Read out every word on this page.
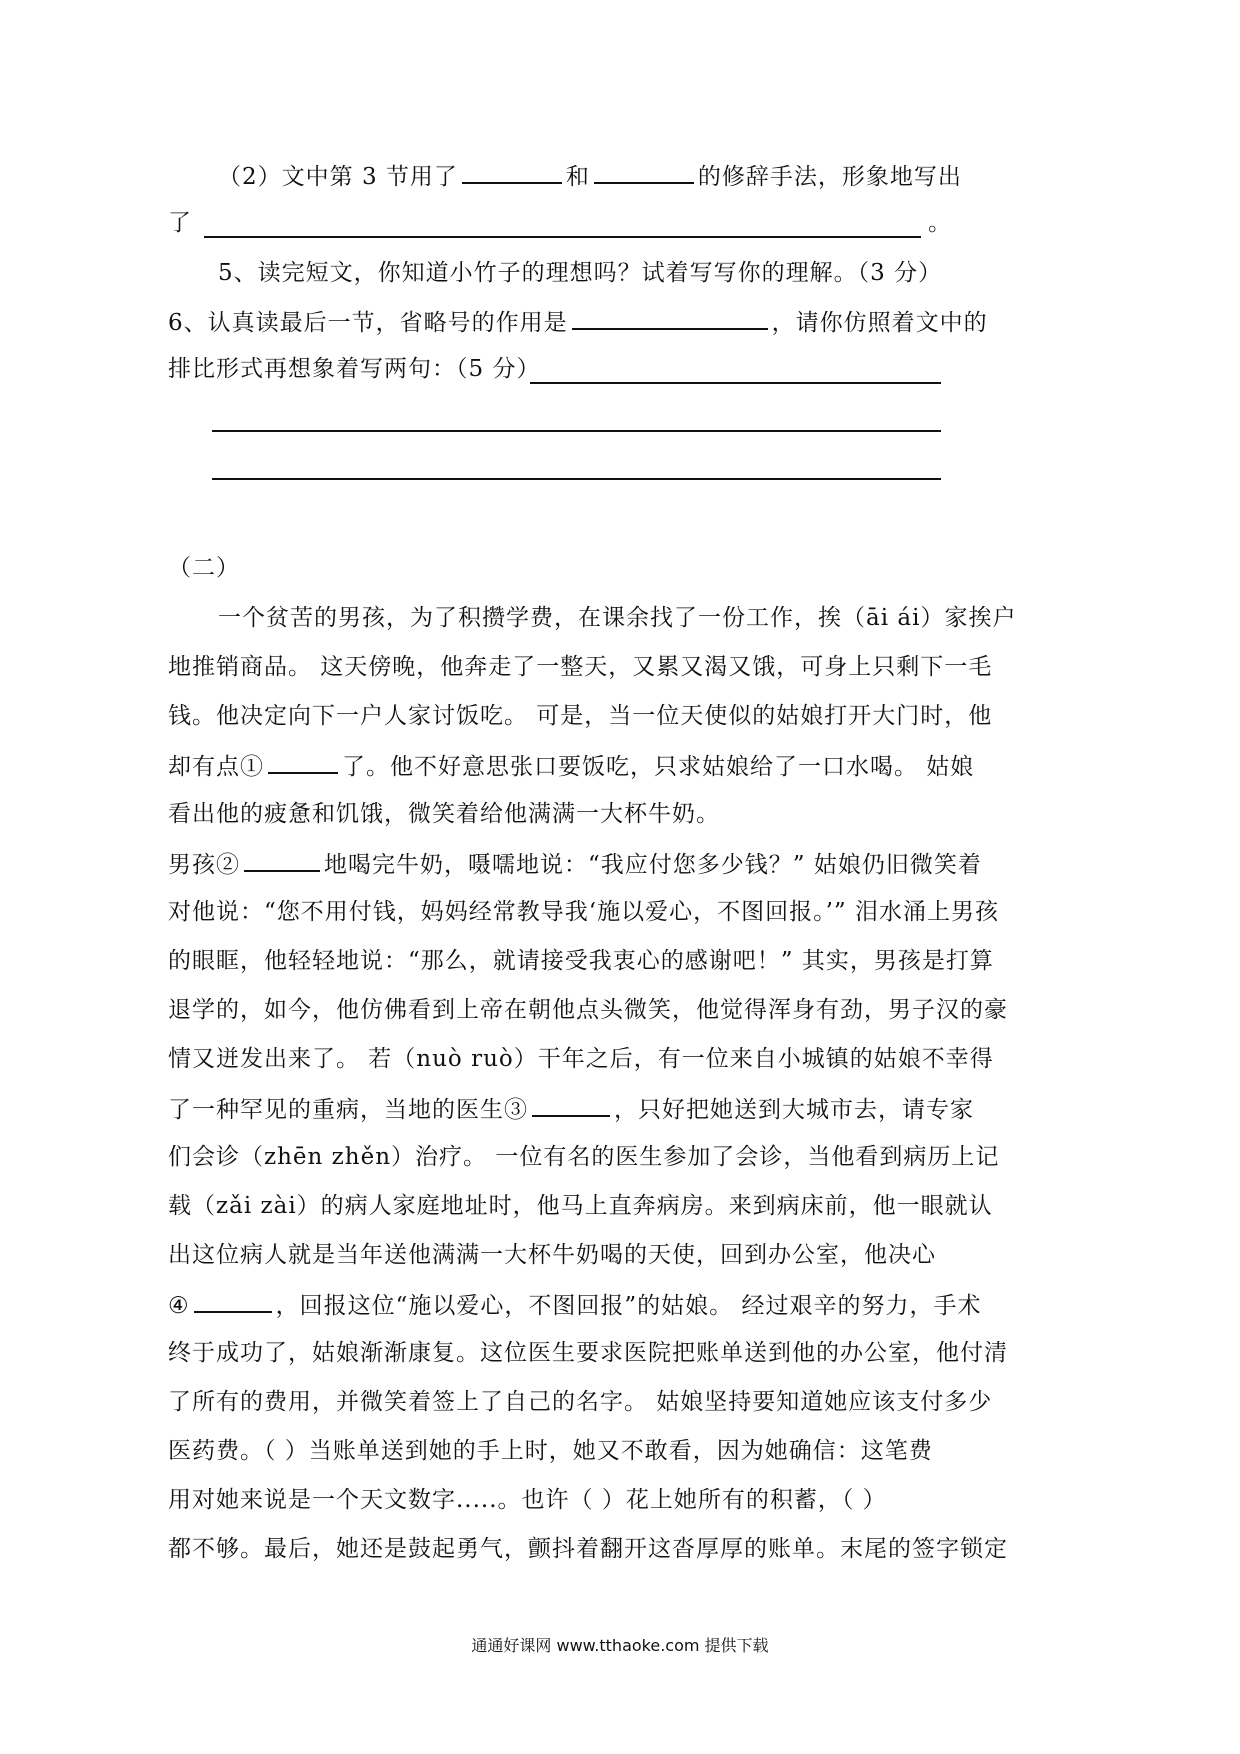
（2）文中第 3 节用了	和	的修辞手法，形象地写出
了	。
5、读完短文，你知道小竹子的理想吗？试着写写你的理解。（3 分）
6、认真读最后一节，省略号的作用是	，请你仿照着文中的
排比形式再想象着写两句：（5 分）
（二）
一个贫苦的男孩，为了积攒学费，在课余找了一份工作，挨（āi ái）家挨户
地推销商品。 这天傍晚，他奔走了一整天，又累又渴又饿，可身上只剩下一毛
钱。他决定向下一户人家讨饭吃。 可是，当一位天使似的姑娘打开大门时，他
却有点①	了。他不好意思张口要饭吃，只求姑娘给了一口水喝。 姑娘
看出他的疲惫和饥饿，微笑着给他满满一大杯牛奶。
男孩②	地喝完牛奶，嗫嚅地说：“我应付您多少钱？” 姑娘仍旧微笑着
对他说：“您不用付钱，妈妈经常教导我‘施以爱心，不图回报。’” 泪水涌上男孩
的眼眶，他轻轻地说：“那么，就请接受我衷心的感谢吧！” 其实，男孩是打算
退学的，如今，他仿佛看到上帝在朝他点头微笑，他觉得浑身有劲，男子汉的豪
情又迸发出来了。 若（nuò ruò）干年之后，有一位来自小城镇的姑娘不幸得
了一种罕见的重病，当地的医生③	，只好把她送到大城市去，请专家
们会诊（zhēn zhěn）治疗。 一位有名的医生参加了会诊，当他看到病历上记
载（zǎi zài）的病人家庭地址时，他马上直奔病房。来到病床前，他一眼就认
出这位病人就是当年送他满满一大杯牛奶喝的天使，回到办公室，他决心
④	，回报这位“施以爱心，不图回报”的姑娘。 经过艰辛的努力，手术
终于成功了，姑娘渐渐康复。这位医生要求医院把账单送到他的办公室，他付清
了所有的费用，并微笑着签上了自己的名字。 姑娘坚持要知道她应该支付多少
医药费。（ ）当账单送到她的手上时，她又不敢看，因为她确信：这笔费
用对她来说是一个天文数字.....。也许（ ）花上她所有的积蓄，（ ）
都不够。最后，她还是鼓起勇气，颤抖着翻开这沓厚厚的账单。末尾的签字锁定
通通好课网 www.tthaoke.com 提供下载
